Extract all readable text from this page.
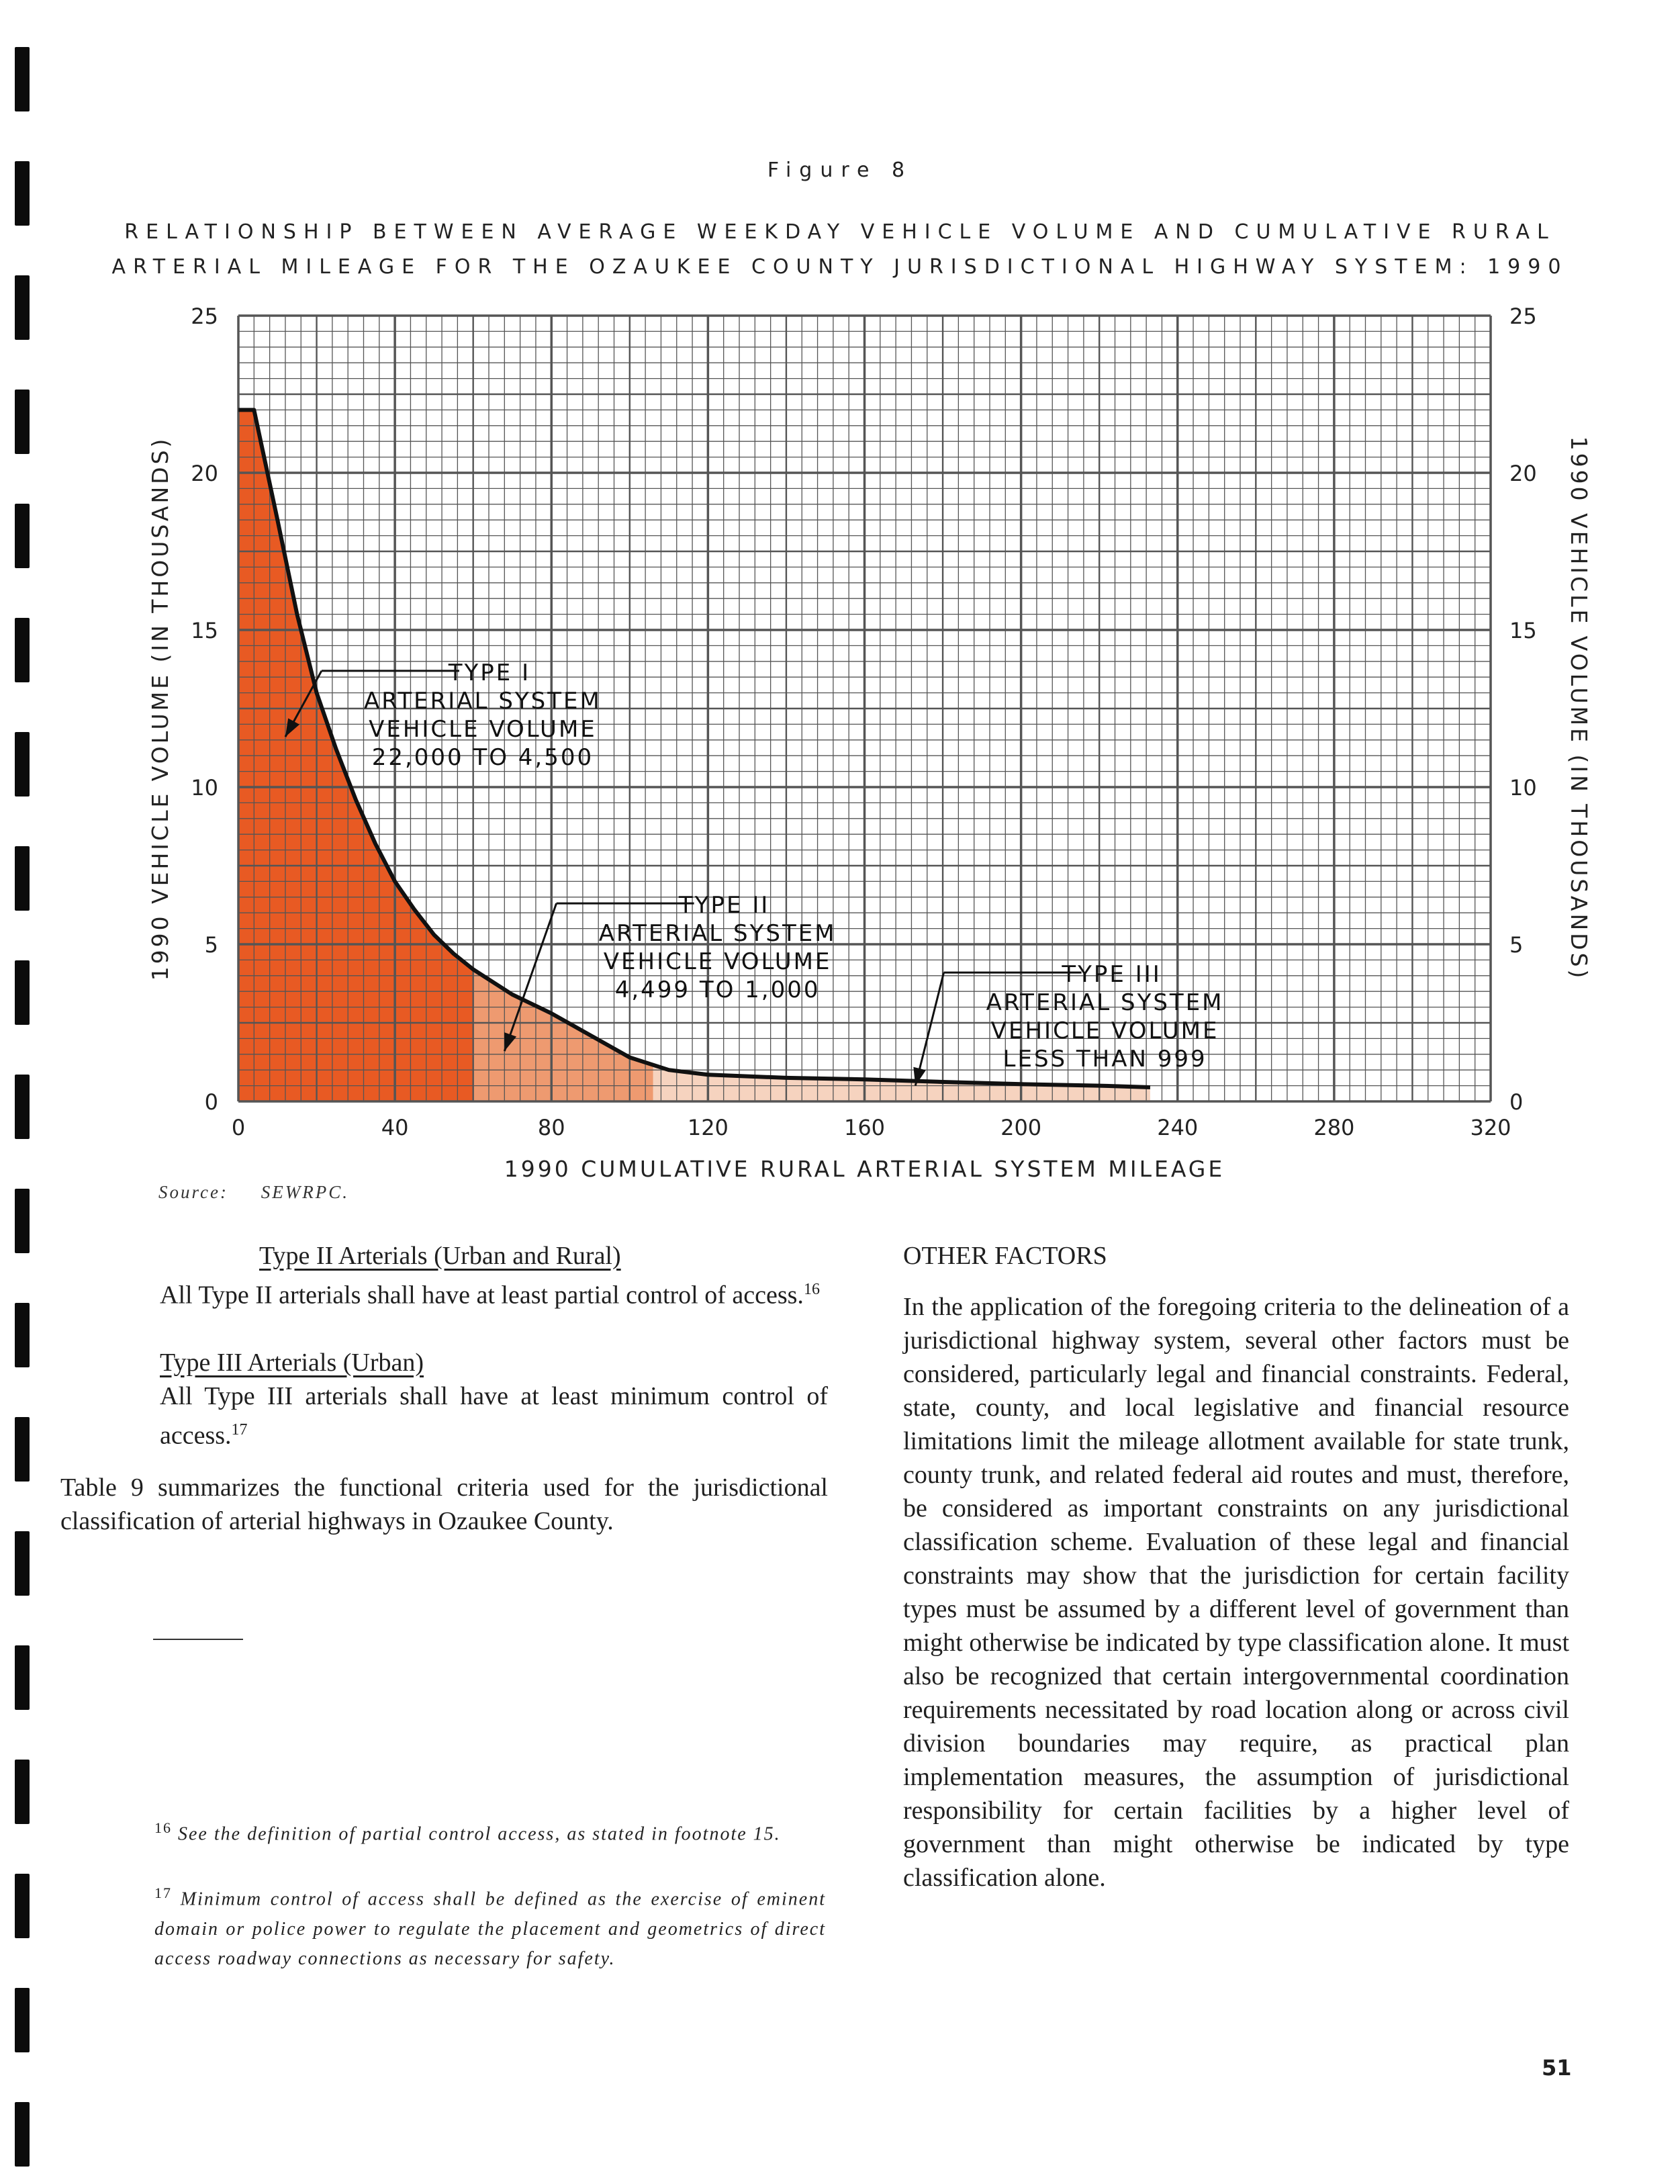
Figure 8
RELATIONSHIP BETWEEN AVERAGE WEEKDAY VEHICLE VOLUME AND CUMULATIVE RURAL
ARTERIAL MILEAGE FOR THE OZAUKEE COUNTY JURISDICTIONAL HIGHWAY SYSTEM: 1990
0	40	80	120	160	200	240	280	320
0	0
5	5
10	10
15	15
20	20
25	25
1990 CUMULATIVE RURAL ARTERIAL SYSTEM MILEAGE
1990 VEHICLE VOLUME (IN THOUSANDS)	1990 VEHICLE VOLUME (IN THOUSANDS)
TYPE I
ARTERIAL SYSTEM
VEHICLE VOLUME
22,000 TO 4,500
TYPE II
ARTERIAL SYSTEM
VEHICLE VOLUME
4,499 TO 1,000
TYPE III
ARTERIAL SYSTEM
VEHICLE VOLUME
LESS THAN 999
Source: SEWRPC.
Type II Arterials (Urban and Rural)

All Type II arterials shall have at least partial control of access.$^{16}$

Type III Arterials (Urban)

All Type III arterials shall have at least minimum control of access.$^{17}$

Table 9 summarizes the functional criteria used for the jurisdictional classification of arterial highways in Ozaukee County.

$^{16}$ See the definition of partial control access, as stated in footnote 15.

$^{17}$ Minimum control of access shall be defined as the exercise of eminent domain or police power to regulate the placement and geometrics of direct access roadway connections as necessary for safety.

OTHER FACTORS

In the application of the foregoing criteria to the delineation of a jurisdictional highway system, several other factors must be considered, particularly legal and financial constraints. Federal, state, county, and local legislative and financial resource limitations limit the mileage allotment available for state trunk, county trunk, and related federal aid routes and must, therefore, be considered as important constraints on any jurisdictional classification scheme. Evaluation of these legal and financial constraints may show that the jurisdiction for certain facility types must be assumed by a different level of government than might otherwise be indicated by type classification alone. It must also be recognized that certain intergovernmental coordination requirements necessitated by road location along or across civil division boundaries may require, as practical plan implementation measures, the assumption of jurisdictional responsibility for certain facilities by a higher level of government than might otherwise be indicated by type classification alone.

51
